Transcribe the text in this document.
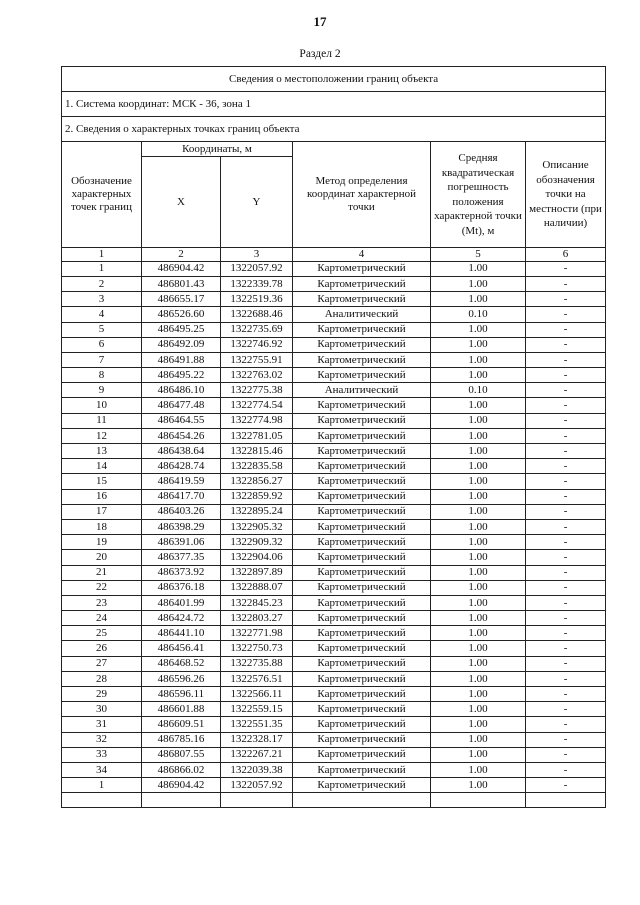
17
Раздел 2
Сведения о местоположении границ объекта					
1. Система координат: МСК - 36, зона 1					
2. Сведения о характерных точках границ объекта					
Обозначение характерных точек границ	Координаты, м		Метод определения координат характерной точки	Средняя квадратическая погрешность положения характерной точки (Mt), м	Описание обозначения точки на местности (при наличии)
	X	Y			
1	2	3	4	5	6
1	486904.42	1322057.92	Картометрический	1.00	-
2	486801.43	1322339.78	Картометрический	1.00	-
3	486655.17	1322519.36	Картометрический	1.00	-
4	486526.60	1322688.46	Аналитический	0.10	-
5	486495.25	1322735.69	Картометрический	1.00	-
6	486492.09	1322746.92	Картометрический	1.00	-
7	486491.88	1322755.91	Картометрический	1.00	-
8	486495.22	1322763.02	Картометрический	1.00	-
9	486486.10	1322775.38	Аналитический	0.10	-
10	486477.48	1322774.54	Картометрический	1.00	-
11	486464.55	1322774.98	Картометрический	1.00	-
12	486454.26	1322781.05	Картометрический	1.00	-
13	486438.64	1322815.46	Картометрический	1.00	-
14	486428.74	1322835.58	Картометрический	1.00	-
15	486419.59	1322856.27	Картометрический	1.00	-
16	486417.70	1322859.92	Картометрический	1.00	-
17	486403.26	1322895.24	Картометрический	1.00	-
18	486398.29	1322905.32	Картометрический	1.00	-
19	486391.06	1322909.32	Картометрический	1.00	-
20	486377.35	1322904.06	Картометрический	1.00	-
21	486373.92	1322897.89	Картометрический	1.00	-
22	486376.18	1322888.07	Картометрический	1.00	-
23	486401.99	1322845.23	Картометрический	1.00	-
24	486424.72	1322803.27	Картометрический	1.00	-
25	486441.10	1322771.98	Картометрический	1.00	-
26	486456.41	1322750.73	Картометрический	1.00	-
27	486468.52	1322735.88	Картометрический	1.00	-
28	486596.26	1322576.51	Картометрический	1.00	-
29	486596.11	1322566.11	Картометрический	1.00	-
30	486601.88	1322559.15	Картометрический	1.00	-
31	486609.51	1322551.35	Картометрический	1.00	-
32	486785.16	1322328.17	Картометрический	1.00	-
33	486807.55	1322267.21	Картометрический	1.00	-
34	486866.02	1322039.38	Картометрический	1.00	-
1	486904.42	1322057.92	Картометрический	1.00	-
